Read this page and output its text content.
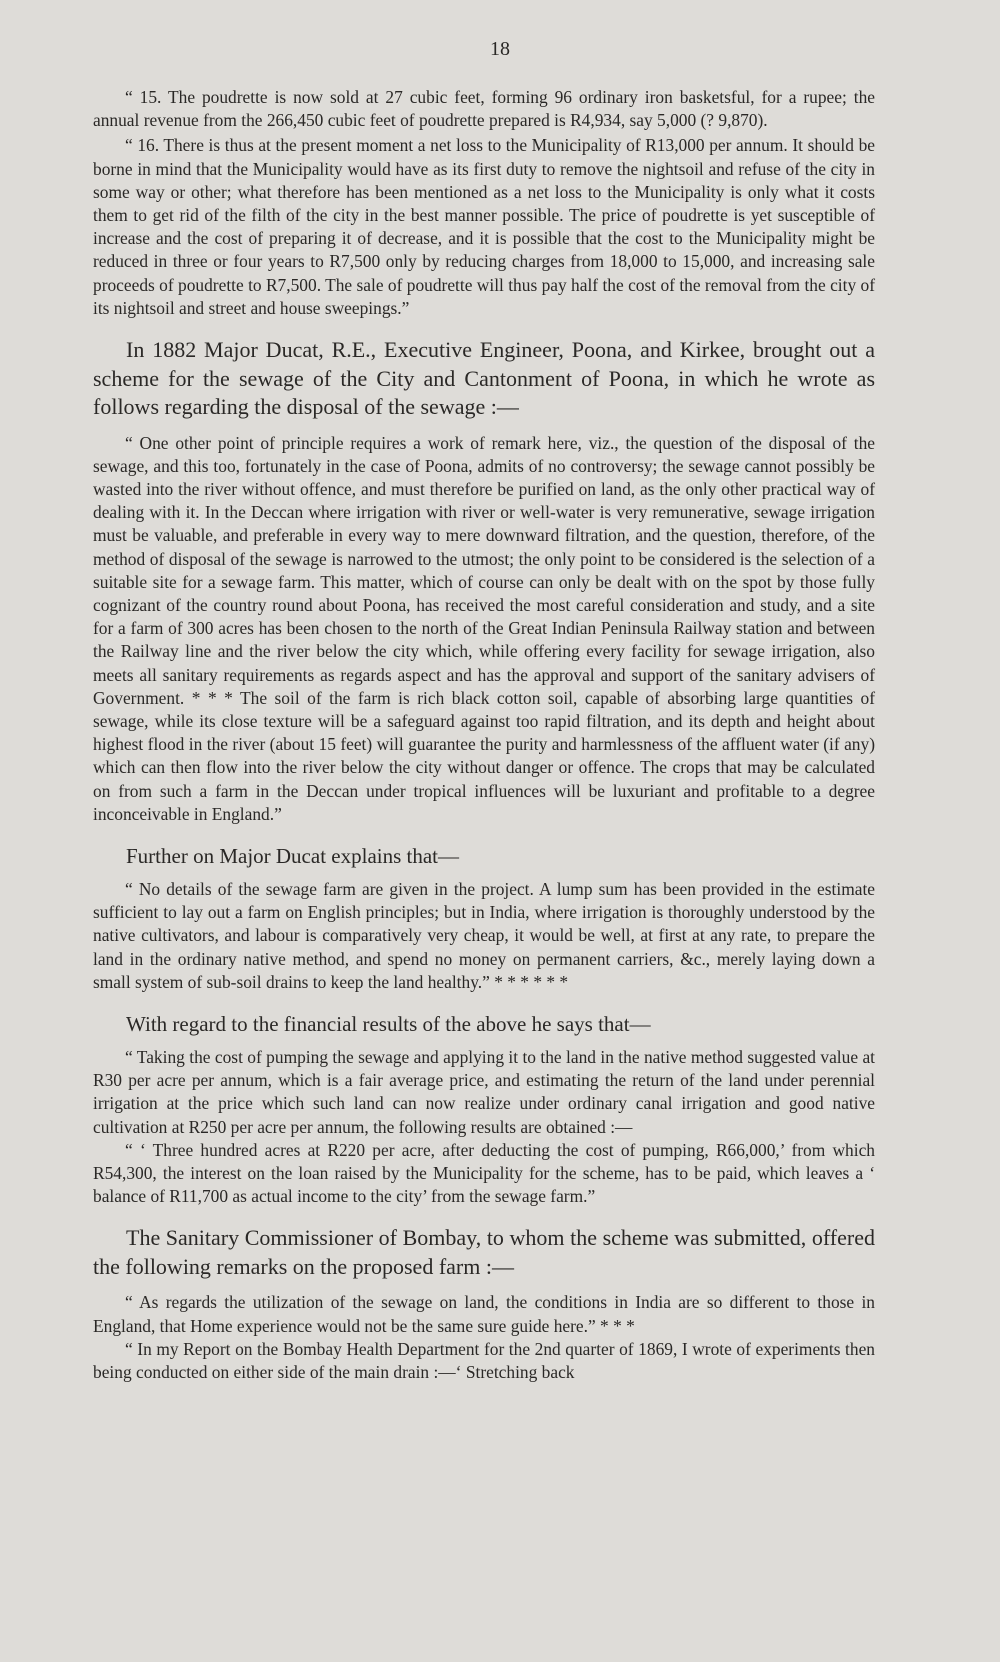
18

“ 15. The poudrette is now sold at 27 cubic feet, forming 96 ordinary iron basketsful, for a rupee; the annual revenue from the 266,450 cubic feet of poudrette prepared is R4,934, say 5,000 (? 9,870).

“ 16. There is thus at the present moment a net loss to the Municipality of R13,000 per annum. It should be borne in mind that the Municipality would have as its first duty to remove the nightsoil and refuse of the city in some way or other; what therefore has been mentioned as a net loss to the Municipality is only what it costs them to get rid of the filth of the city in the best manner possible. The price of poudrette is yet susceptible of increase and the cost of preparing it of decrease, and it is possible that the cost to the Municipality might be reduced in three or four years to R7,500 only by reducing charges from 18,000 to 15,000, and increasing sale proceeds of poudrette to R7,500. The sale of poudrette will thus pay half the cost of the removal from the city of its nightsoil and street and house sweepings.”

In 1882 Major Ducat, R.E., Executive Engineer, Poona, and Kirkee, brought out a scheme for the sewage of the City and Cantonment of Poona, in which he wrote as follows regarding the disposal of the sewage :—

“ One other point of principle requires a work of remark here, viz., the question of the disposal of the sewage, and this too, fortunately in the case of Poona, admits of no controversy; the sewage cannot possibly be wasted into the river without offence, and must therefore be purified on land, as the only other practical way of dealing with it. In the Deccan where irrigation with river or well-water is very remunerative, sewage irrigation must be valuable, and preferable in every way to mere downward filtration, and the question, therefore, of the method of disposal of the sewage is narrowed to the utmost; the only point to be considered is the selection of a suitable site for a sewage farm. This matter, which of course can only be dealt with on the spot by those fully cognizant of the country round about Poona, has received the most careful consideration and study, and a site for a farm of 300 acres has been chosen to the north of the Great Indian Peninsula Railway station and between the Railway line and the river below the city which, while offering every facility for sewage irrigation, also meets all sanitary requirements as regards aspect and has the approval and support of the sanitary advisers of Government. * * * The soil of the farm is rich black cotton soil, capable of absorbing large quantities of sewage, while its close texture will be a safeguard against too rapid filtration, and its depth and height about highest flood in the river (about 15 feet) will guarantee the purity and harmlessness of the affluent water (if any) which can then flow into the river below the city without danger or offence. The crops that may be calculated on from such a farm in the Deccan under tropical influences will be luxuriant and profitable to a degree inconceivable in England.”

Further on Major Ducat explains that—

“ No details of the sewage farm are given in the project. A lump sum has been provided in the estimate sufficient to lay out a farm on English principles; but in India, where irrigation is thoroughly understood by the native cultivators, and labour is comparatively very cheap, it would be well, at first at any rate, to prepare the land in the ordinary native method, and spend no money on permanent carriers, &c., merely laying down a small system of sub-soil drains to keep the land healthy.” * * * * * *

With regard to the financial results of the above he says that—

“ Taking the cost of pumping the sewage and applying it to the land in the native method suggested value at R30 per acre per annum, which is a fair average price, and estimating the return of the land under perennial irrigation at the price which such land can now realize under ordinary canal irrigation and good native cultivation at R250 per acre per annum, the following results are obtained :—

“ ‘ Three hundred acres at R220 per acre, after deducting the cost of pumping, R66,000,’ from which R54,300, the interest on the loan raised by the Municipality for the scheme, has to be paid, which leaves a ‘ balance of R11,700 as actual income to the city’ from the sewage farm.”

The Sanitary Commissioner of Bombay, to whom the scheme was submitted, offered the following remarks on the proposed farm :—

“ As regards the utilization of the sewage on land, the conditions in India are so different to those in England, that Home experience would not be the same sure guide here.” * * *

“ In my Report on the Bombay Health Department for the 2nd quarter of 1869, I wrote of experiments then being conducted on either side of the main drain :—‘ Stretching back
